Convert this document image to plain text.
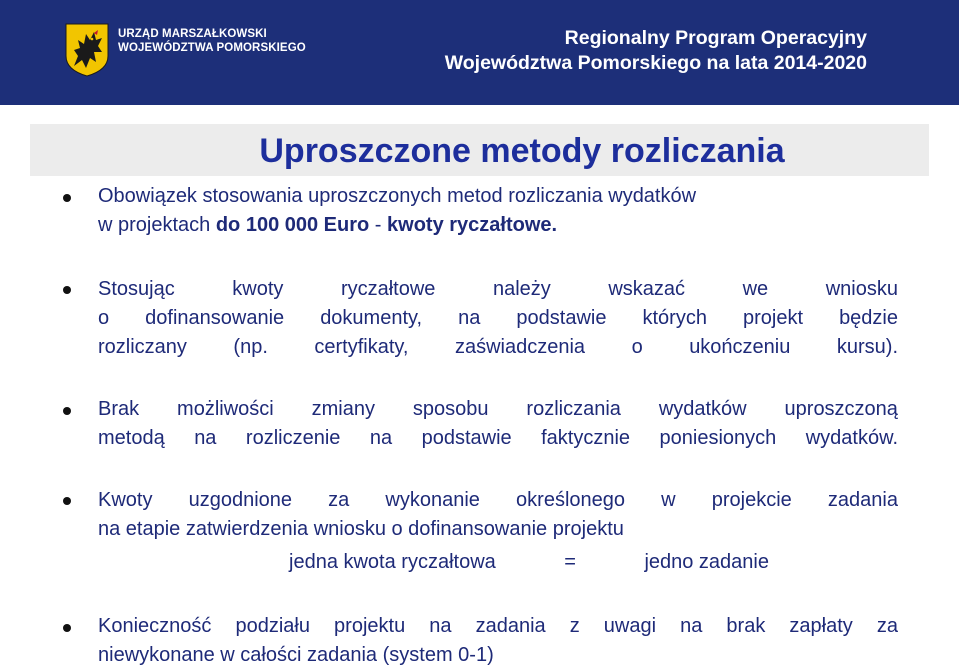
URZĄD MARSZAŁKOWSKI
WOJEWÓDZTWA POMORSKIEGO	Regionalny Program Operacyjny
Województwa Pomorskiego na lata 2014-2020
Uproszczone metody rozliczania
Obowiązek stosowania uproszczonych metod rozliczania wydatków
w projektach do 100 000 Euro - kwoty ryczałtowe.
Stosując	kwoty	ryczałtowe	należy	wskazać	we	wniosku
o dofinansowanie dokumenty, na podstawie których projekt będzie
rozliczany (np. certyfikaty, zaświadczenia o ukończeniu kursu).
Brak możliwości zmiany sposobu rozliczania wydatków uproszczoną
metodą na rozliczenie na podstawie faktycznie poniesionych wydatków.
Kwoty uzgodnione za wykonanie określonego w projekcie zadania
na etapie zatwierdzenia wniosku o dofinansowanie projektu
jedna kwota ryczałtowa	=	jedno zadanie
Konieczność podziału projektu na zadania z uwagi na brak zapłaty za
niewykonane w całości zadania (system 0-1)
